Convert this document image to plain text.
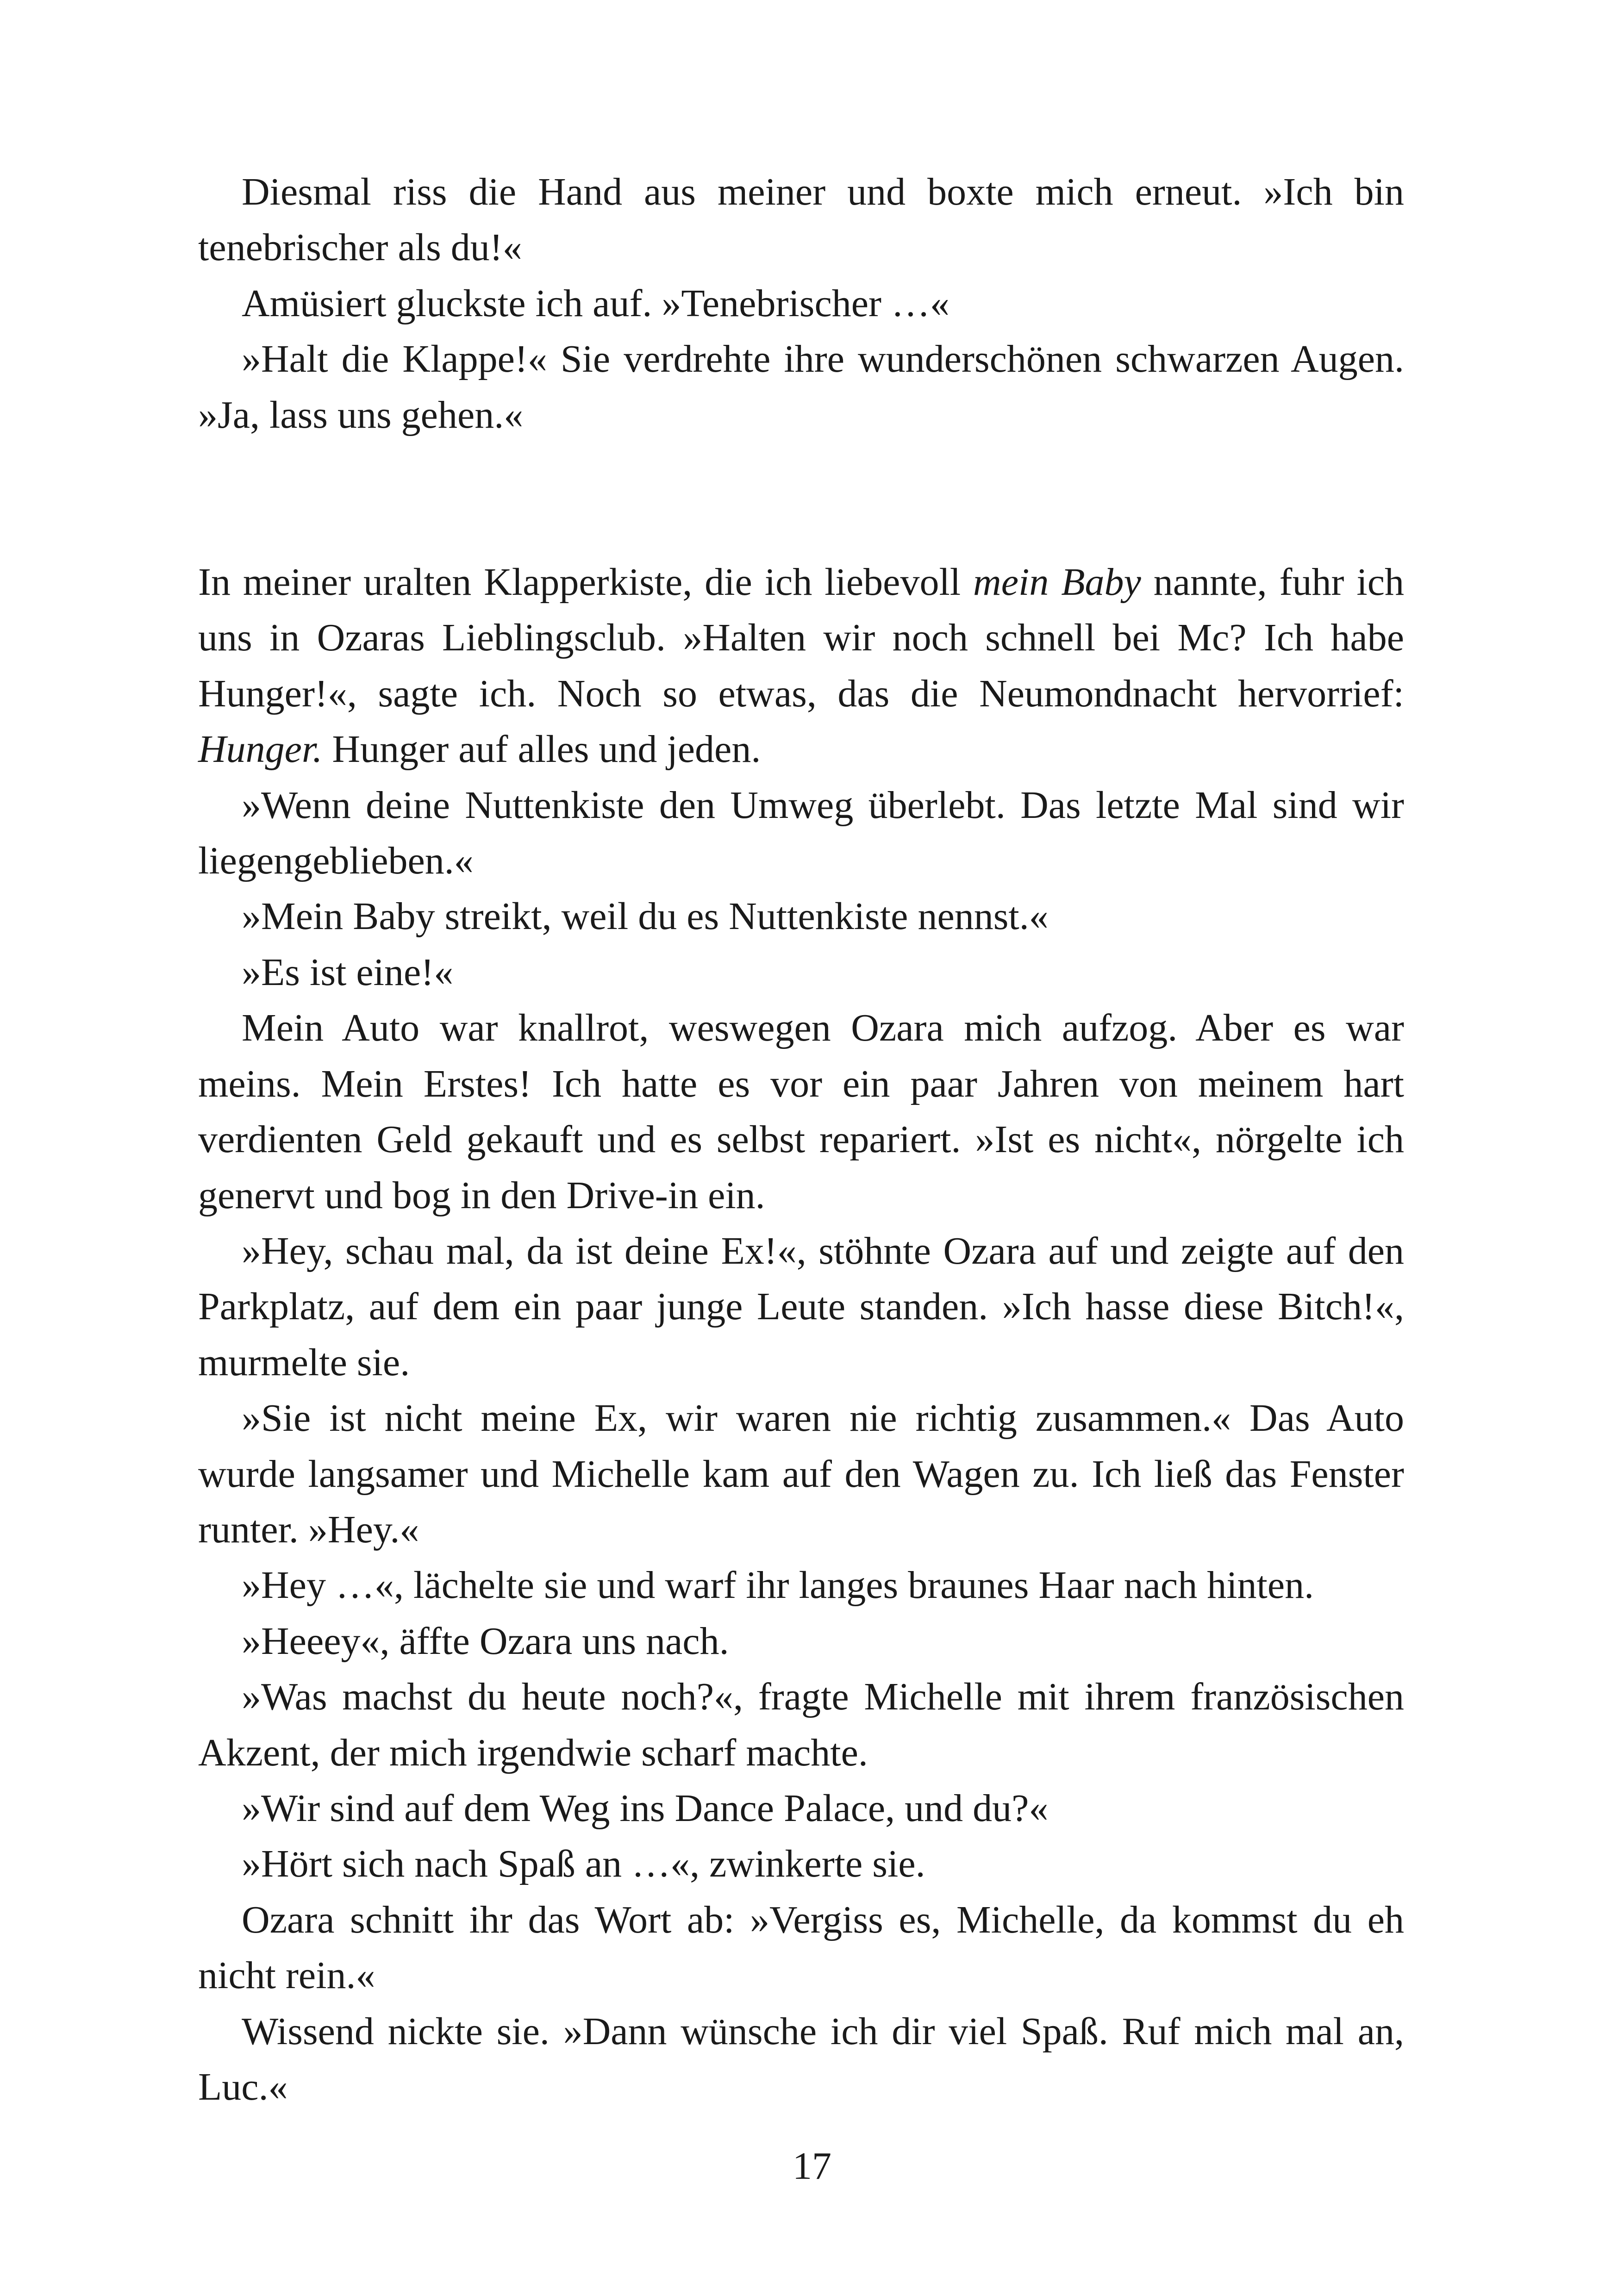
Diesmal riss die Hand aus meiner und boxte mich erneut. »Ich bin tenebrischer als du!«

Amüsiert gluckste ich auf. »Tenebrischer …«

»Halt die Klappe!« Sie verdrehte ihre wunderschönen schwarzen Augen. »Ja, lass uns gehen.«

In meiner uralten Klapperkiste, die ich liebevoll mein Baby nannte, fuhr ich uns in Ozaras Lieblingsclub. »Halten wir noch schnell bei Mc? Ich habe Hunger!«, sagte ich. Noch so etwas, das die Neumondnacht hervorrief: Hunger. Hunger auf alles und jeden.

»Wenn deine Nuttenkiste den Umweg überlebt. Das letzte Mal sind wir liegengeblieben.«

»Mein Baby streikt, weil du es Nuttenkiste nennst.«

»Es ist eine!«

Mein Auto war knallrot, weswegen Ozara mich aufzog. Aber es war meins. Mein Erstes! Ich hatte es vor ein paar Jahren von meinem hart verdienten Geld gekauft und es selbst repariert. »Ist es nicht«, nörgelte ich genervt und bog in den Drive-in ein.

»Hey, schau mal, da ist deine Ex!«, stöhnte Ozara auf und zeigte auf den Parkplatz, auf dem ein paar junge Leute standen. »Ich hasse diese Bitch!«, murmelte sie.

»Sie ist nicht meine Ex, wir waren nie richtig zusammen.« Das Auto wurde langsamer und Michelle kam auf den Wagen zu. Ich ließ das Fenster runter. »Hey.«

»Hey …«, lächelte sie und warf ihr langes braunes Haar nach hinten.

»Heeey«, äffte Ozara uns nach.

»Was machst du heute noch?«, fragte Michelle mit ihrem französischen Akzent, der mich irgendwie scharf machte.

»Wir sind auf dem Weg ins Dance Palace, und du?«

»Hört sich nach Spaß an …«, zwinkerte sie.

Ozara schnitt ihr das Wort ab: »Vergiss es, Michelle, da kommst du eh nicht rein.«

Wissend nickte sie. »Dann wünsche ich dir viel Spaß. Ruf mich mal an, Luc.«

17
